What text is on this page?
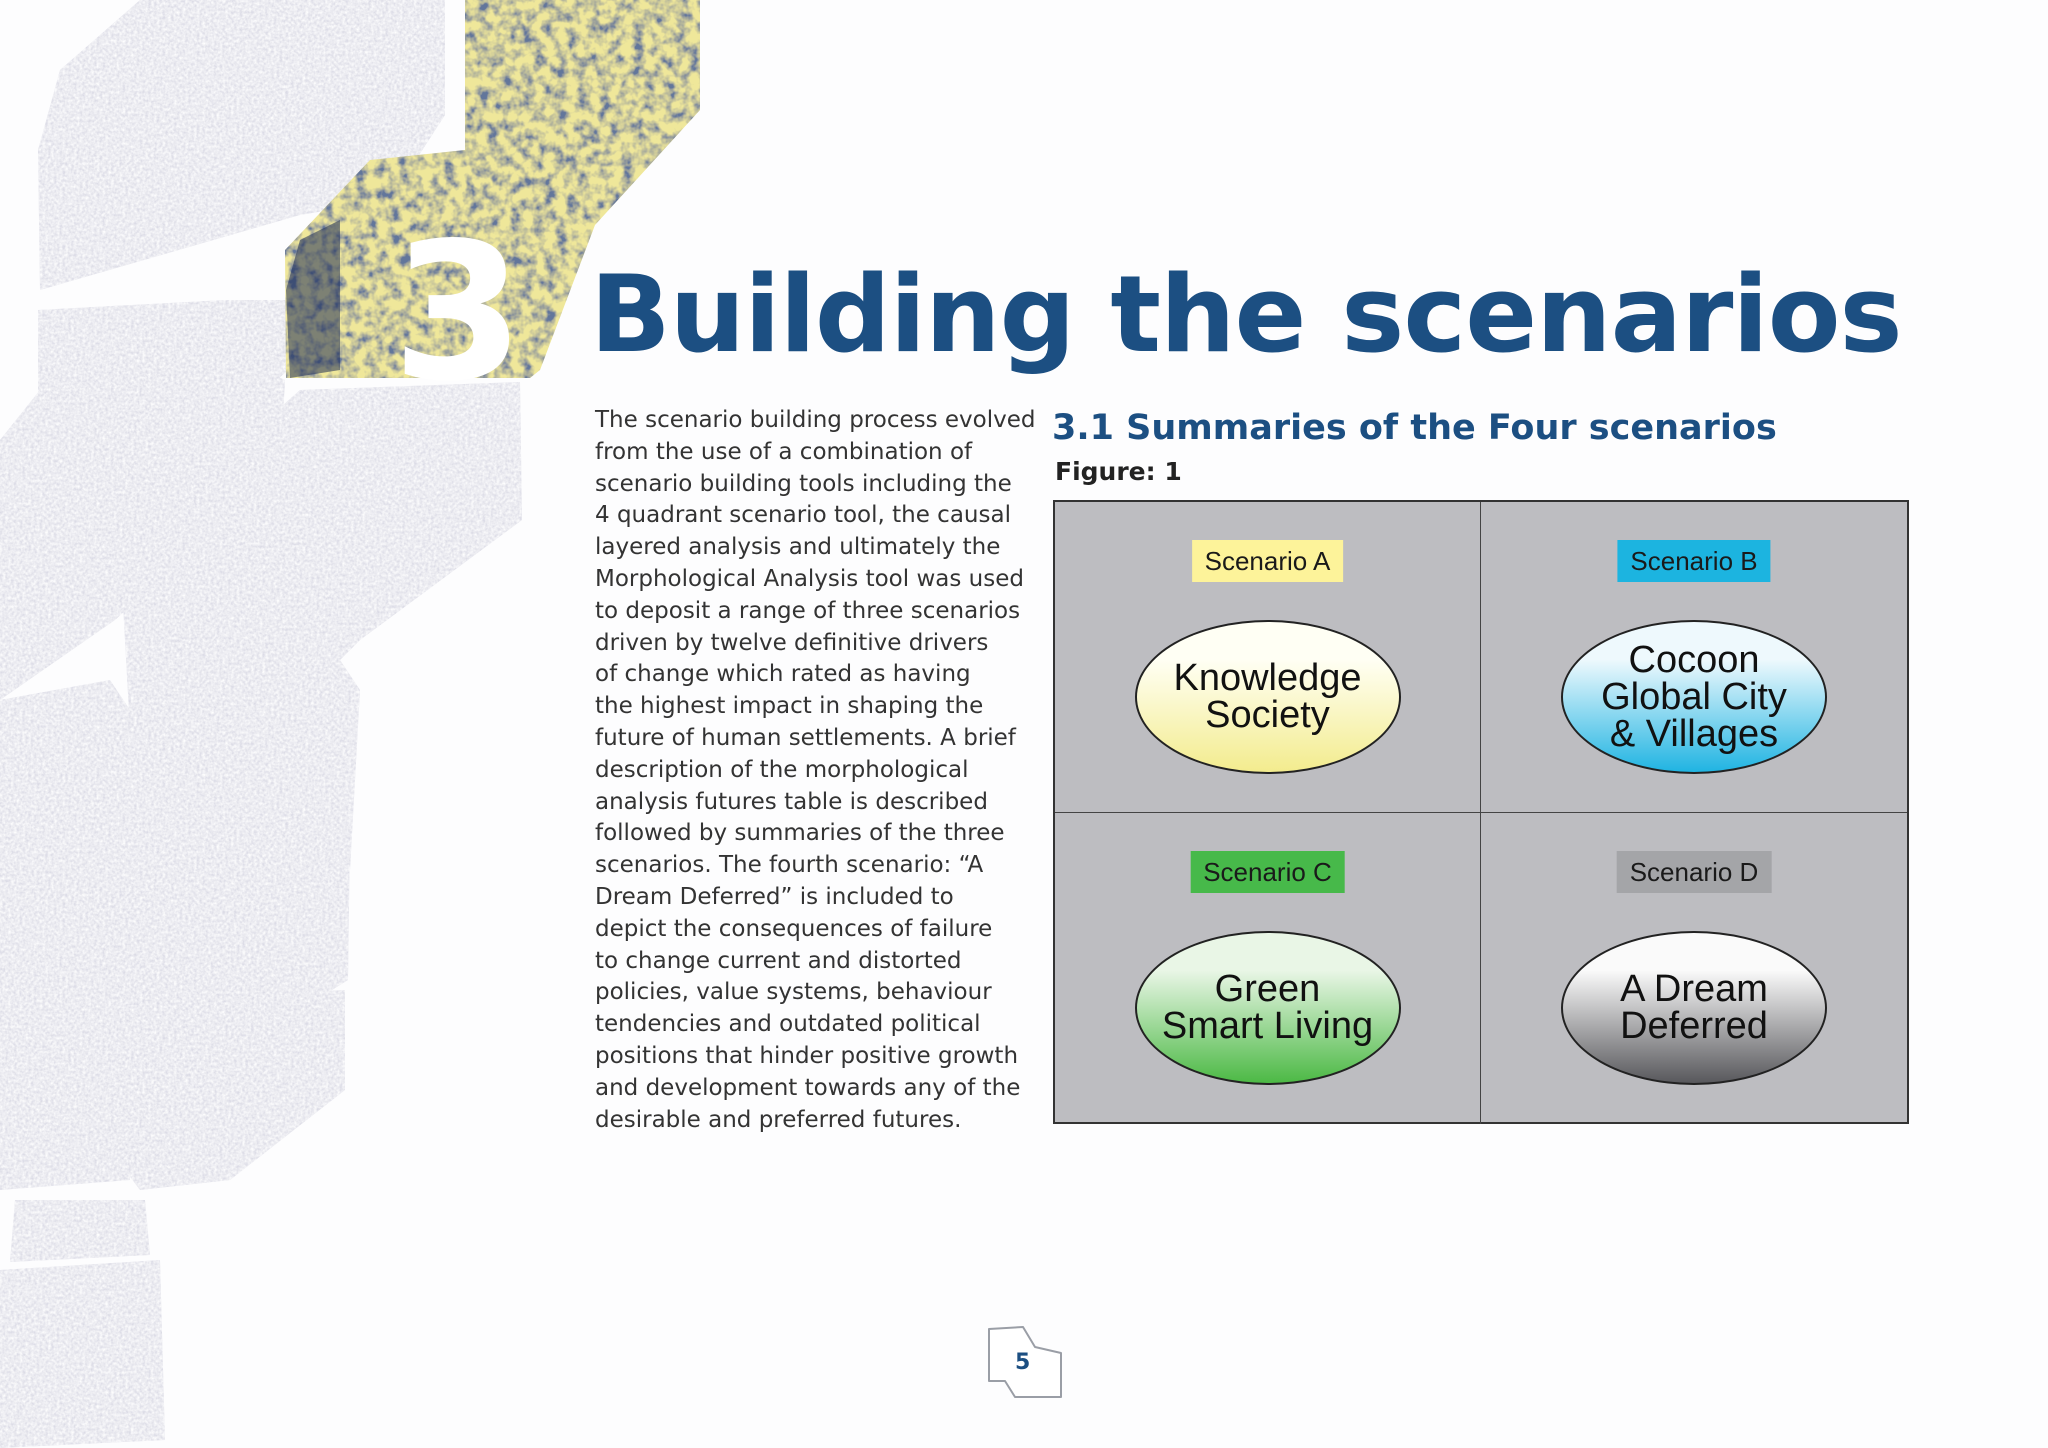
3 Building the scenarios
The scenario building process evolved
from the use of a combination of
scenario building tools including the
4 quadrant scenario tool, the causal
layered analysis and ultimately the
Morphological Analysis tool was used
to deposit a range of three scenarios
driven by twelve definitive drivers
of change which rated as having
the highest impact in shaping the
future of human settlements. A brief
description of the morphological
analysis futures table is described
followed by summaries of the three
scenarios. The fourth scenario: “A
Dream Deferred” is included to
depict the consequences of failure
to change current and distorted
policies, value systems, behaviour
tendencies and outdated political
positions that hinder positive growth
and development towards any of the
desirable and preferred futures.
3.1 Summaries of the Four scenarios
Figure: 1
Scenario A
Knowledge
Society
Scenario B
Cocoon
Global City
& Villages
Scenario C
Green
Smart Living
Scenario D
A Dream
Deferred
5
